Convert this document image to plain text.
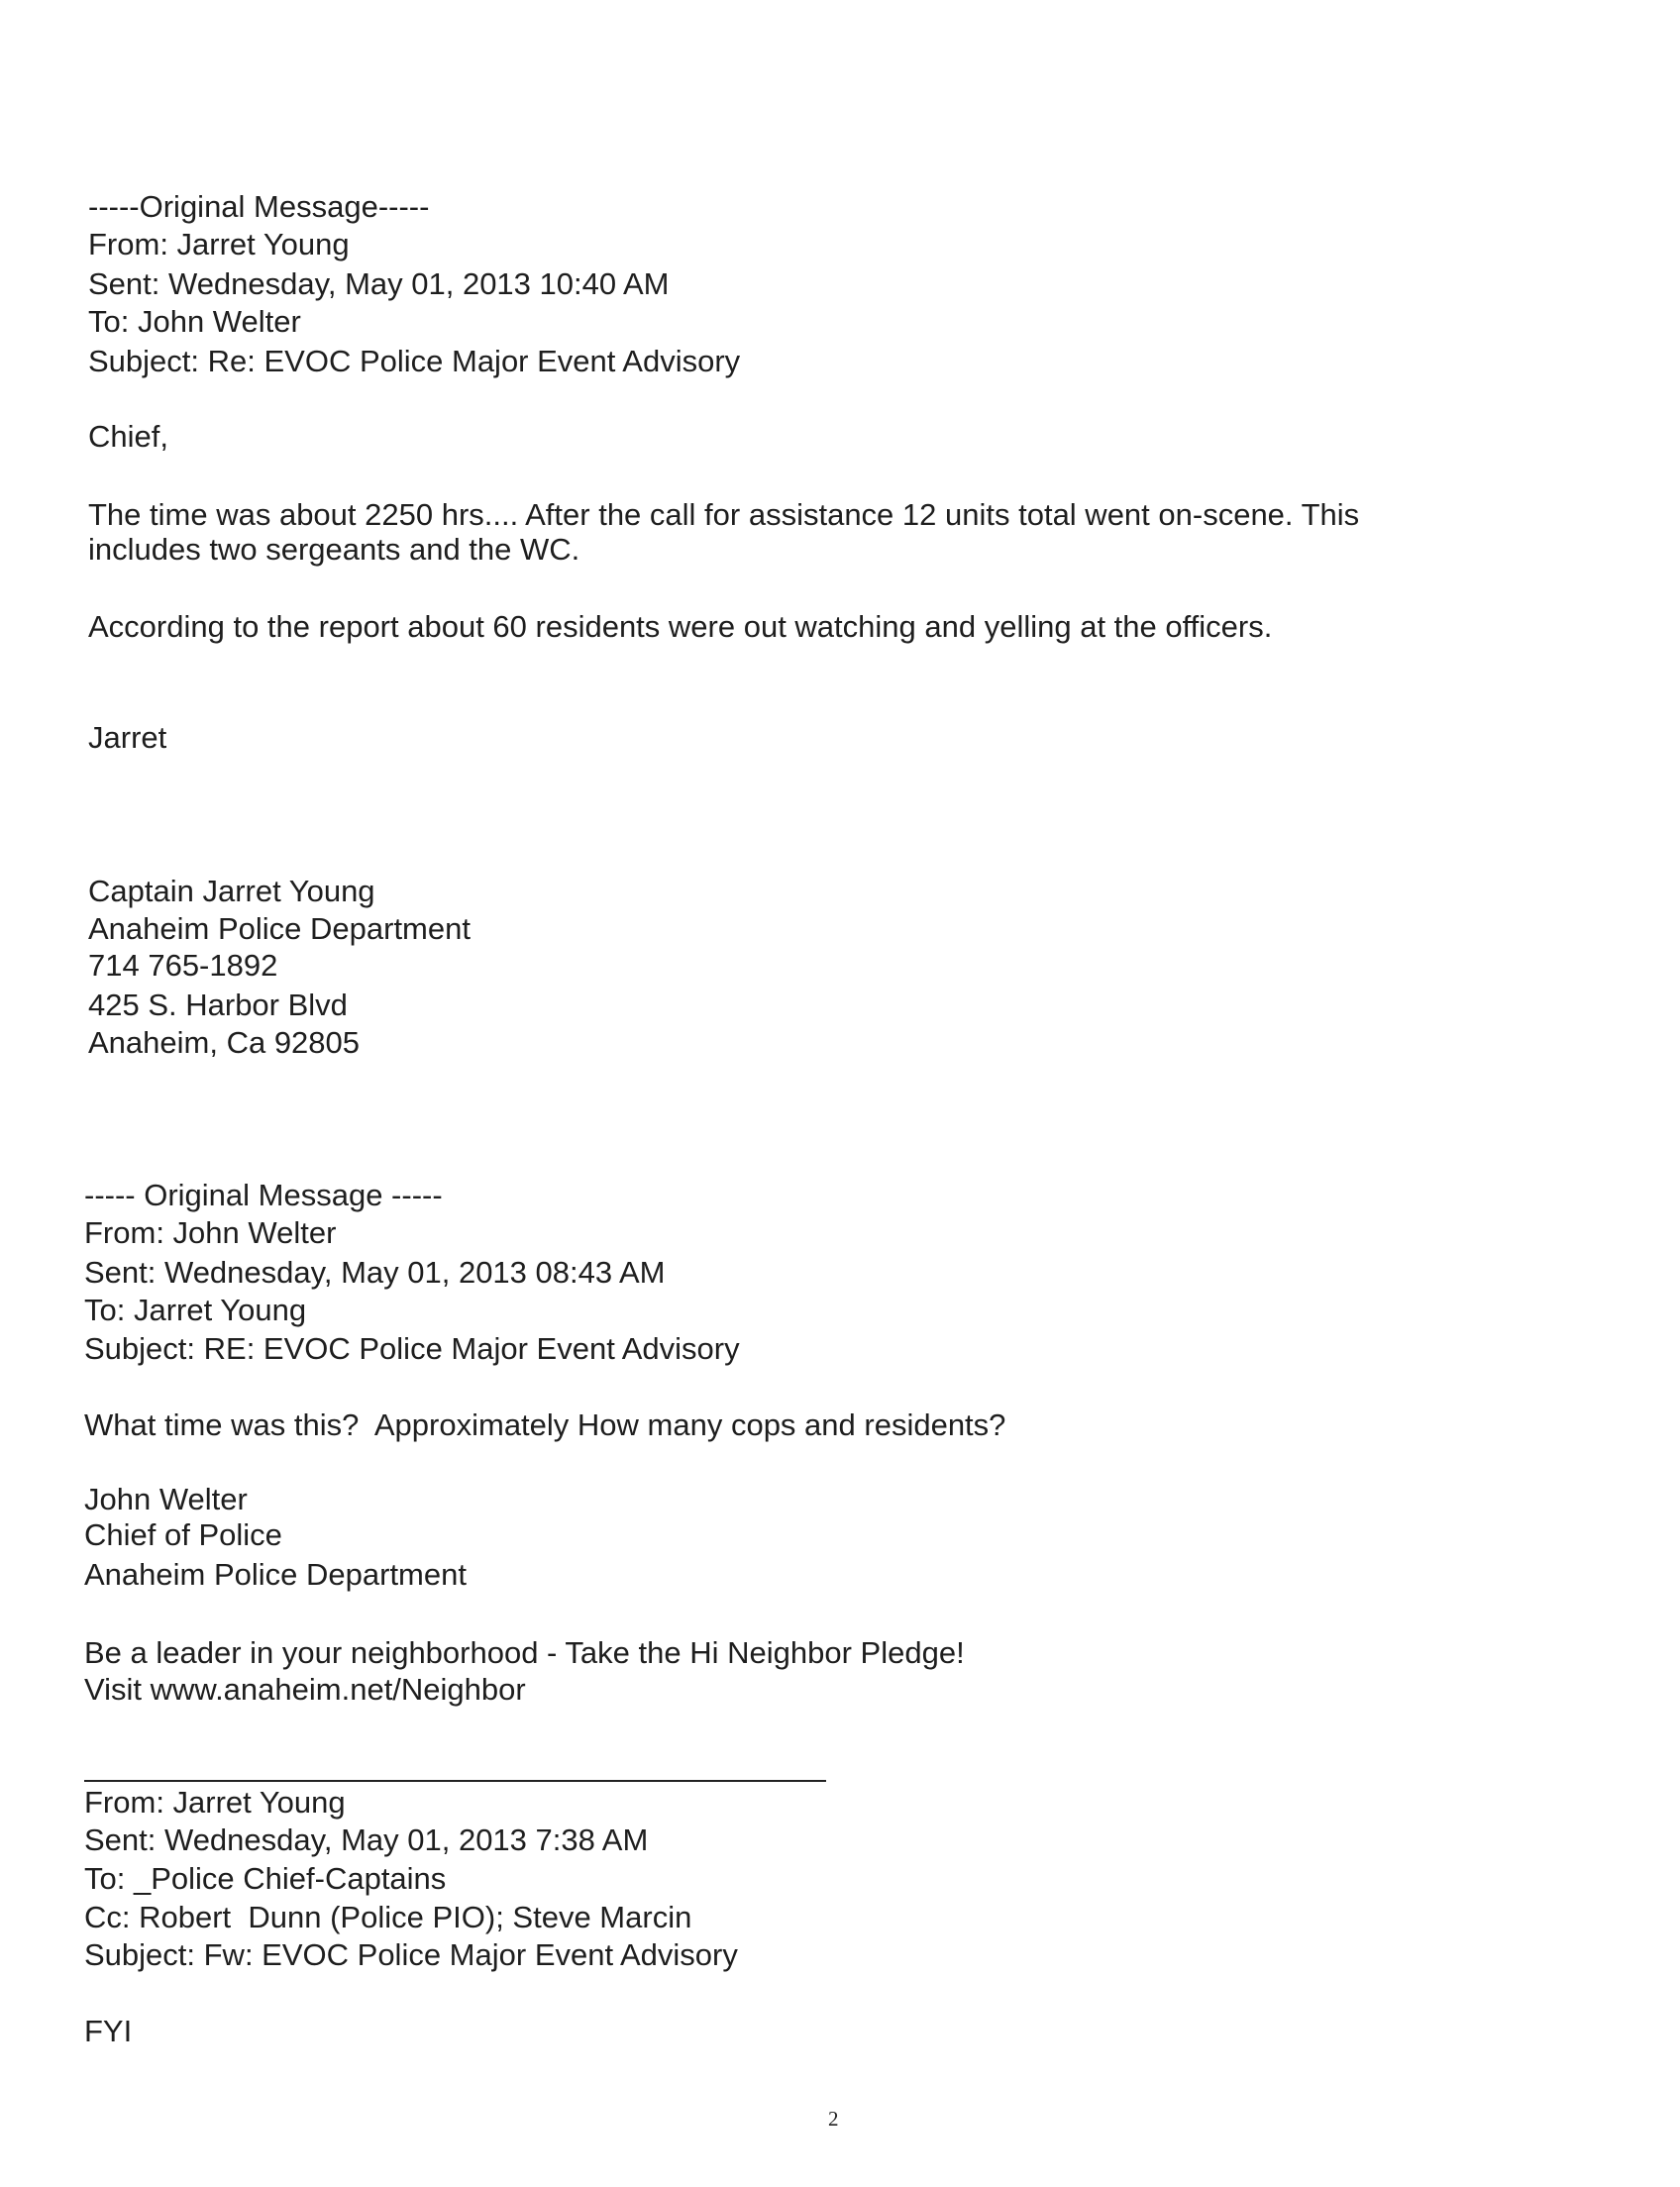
-----Original Message-----
From: Jarret Young
Sent: Wednesday, May 01, 2013 10:40 AM
To: John Welter
Subject: Re: EVOC Police Major Event Advisory
Chief,
The time was about 2250 hrs.... After the call for assistance 12 units total went on-scene. This
includes two sergeants and the WC.
According to the report about 60 residents were out watching and yelling at the officers.
Jarret
Captain Jarret Young
Anaheim Police Department
714 765-1892
425 S. Harbor Blvd
Anaheim, Ca 92805
----- Original Message -----
From: John Welter
Sent: Wednesday, May 01, 2013 08:43 AM
To: Jarret Young
Subject: RE: EVOC Police Major Event Advisory
What time was this?  Approximately How many cops and residents?
John Welter
Chief of Police
Anaheim Police Department
Be a leader in your neighborhood - Take the Hi Neighbor Pledge!
Visit www.anaheim.net/Neighbor
From: Jarret Young
Sent: Wednesday, May 01, 2013 7:38 AM
To: _Police Chief-Captains
Cc: Robert  Dunn (Police PIO); Steve Marcin
Subject: Fw: EVOC Police Major Event Advisory
FYI
2
